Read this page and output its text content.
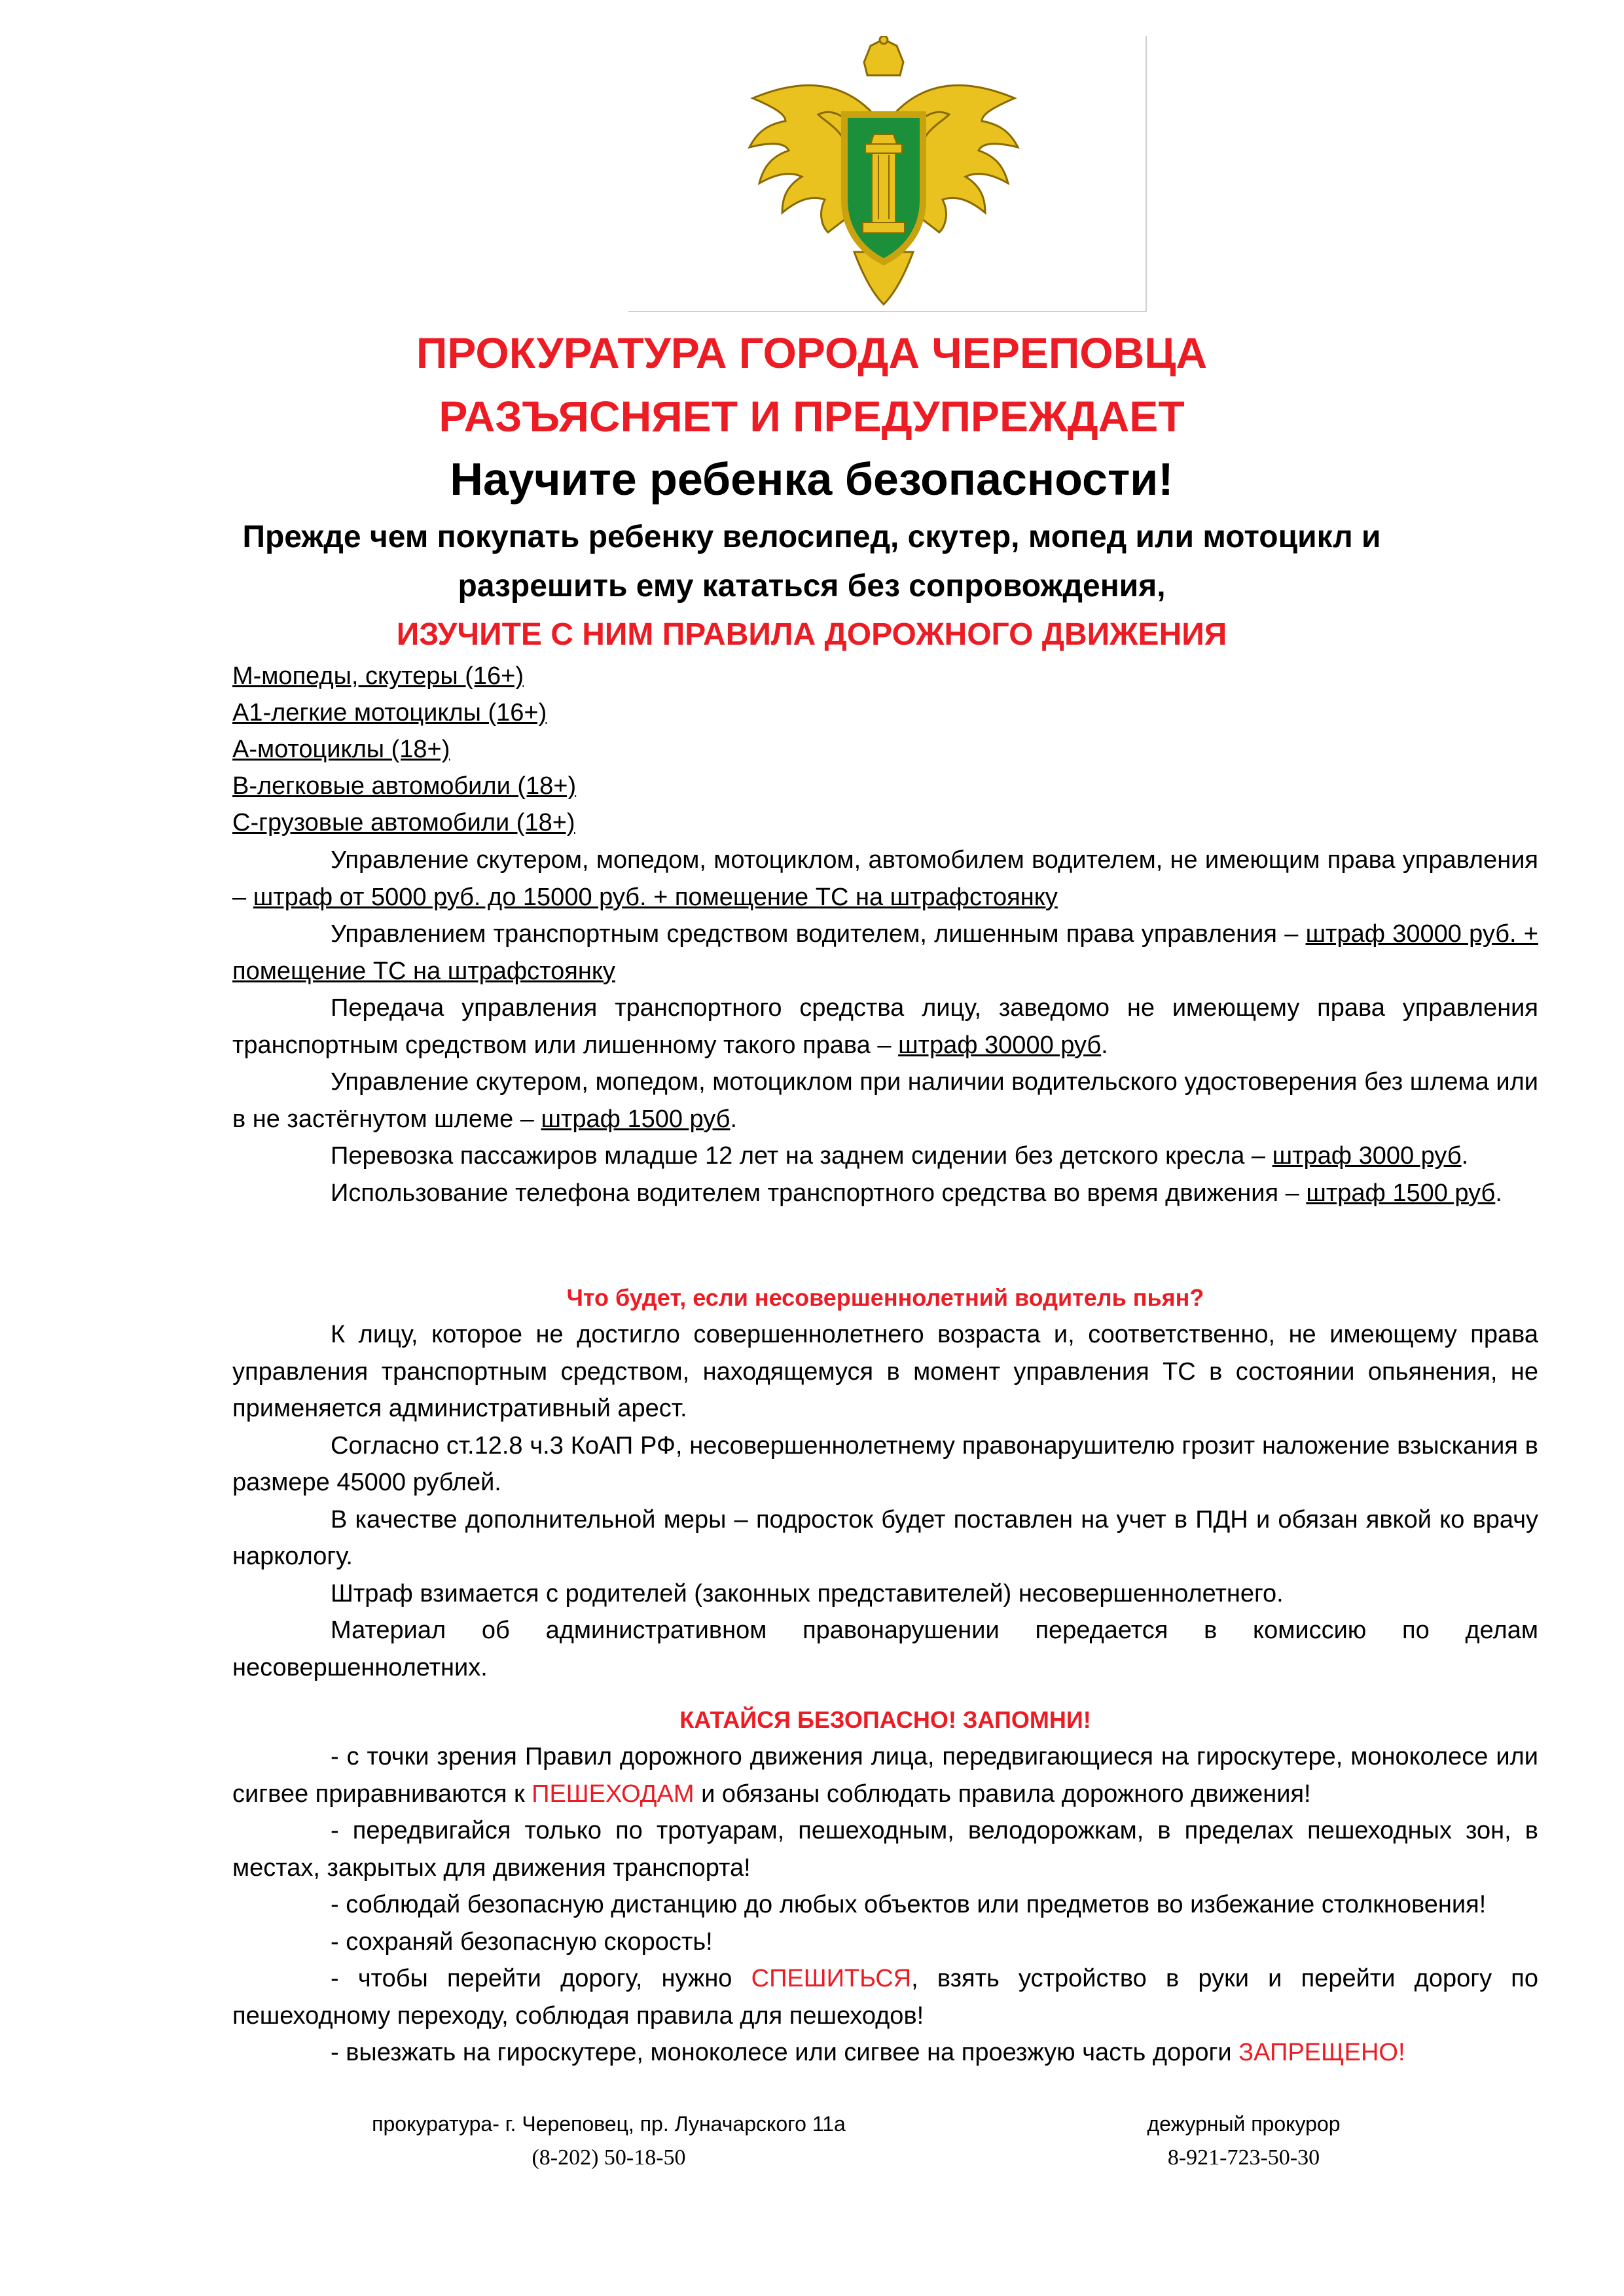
ПРОКУРАТУРА ГОРОДА ЧЕРЕПОВЦА
РАЗЪЯСНЯЕТ И ПРЕДУПРЕЖДАЕТ
Научите ребенка безопасности!
Прежде чем покупать ребенку велосипед, скутер, мопед или мотоцикл и
разрешить ему кататься без сопровождения,
ИЗУЧИТЕ С НИМ ПРАВИЛА ДОРОЖНОГО ДВИЖЕНИЯ
М-мопеды, скутеры (16+)
А1-легкие мотоциклы (16+)
А-мотоциклы (18+)
В-легковые автомобили (18+)
С-грузовые автомобили (18+)

Управление скутером, мопедом, мотоциклом, автомобилем водителем, не имеющим права управления – штраф от 5000 руб. до 15000 руб. + помещение ТС на штрафстоянку

Управлением транспортным средством водителем, лишенным права управления – штраф 30000 руб. + помещение ТС на штрафстоянку

Передача управления транспортного средства лицу, заведомо не имеющему права управления транспортным средством или лишенному такого права – штраф 30000 руб.

Управление скутером, мопедом, мотоциклом при наличии водительского удостоверения без шлема или в не застёгнутом шлеме – штраф 1500 руб.

Перевозка пассажиров младше 12 лет на заднем сидении без детского кресла – штраф 3000 руб.

Использование телефона водителем транспортного средства во время движения – штраф 1500 руб.

Что будет, если несовершеннолетний водитель пьян?

К лицу, которое не достигло совершеннолетнего возраста и, соответственно, не имеющему права управления транспортным средством, находящемуся в момент управления ТС в состоянии опьянения, не применяется административный арест.

Согласно ст.12.8 ч.3 КоАП РФ, несовершеннолетнему правонарушителю грозит наложение взыскания в размере 45000 рублей.

В качестве дополнительной меры – подросток будет поставлен на учет в ПДН и обязан явкой ко врачу наркологу.

Штраф взимается с родителей (законных представителей) несовершеннолетнего.

Материал об административном правонарушении передается в комиссию по делам несовершеннолетних.

КАТАЙСЯ БЕЗОПАСНО! ЗАПОМНИ!

- с точки зрения Правил дорожного движения лица, передвигающиеся на гироскутере, моноколесе или сигвее приравниваются к ПЕШЕХОДАМ и обязаны соблюдать правила дорожного движения!

- передвигайся только по тротуарам, пешеходным, велодорожкам, в пределах пешеходных зон, в местах, закрытых для движения транспорта!

- соблюдай безопасную дистанцию до любых объектов или предметов во избежание столкновения!

- сохраняй безопасную скорость!

- чтобы перейти дорогу, нужно СПЕШИТЬСЯ, взять устройство в руки и перейти дорогу по пешеходному переходу, соблюдая правила для пешеходов!

- выезжать на гироскутере, моноколесе или сигвее на проезжую часть дороги ЗАПРЕЩЕНО!

прокуратура- г. Череповец, пр. Луначарского 11а
(8-202) 50-18-50
дежурный прокурор
8-921-723-50-30
